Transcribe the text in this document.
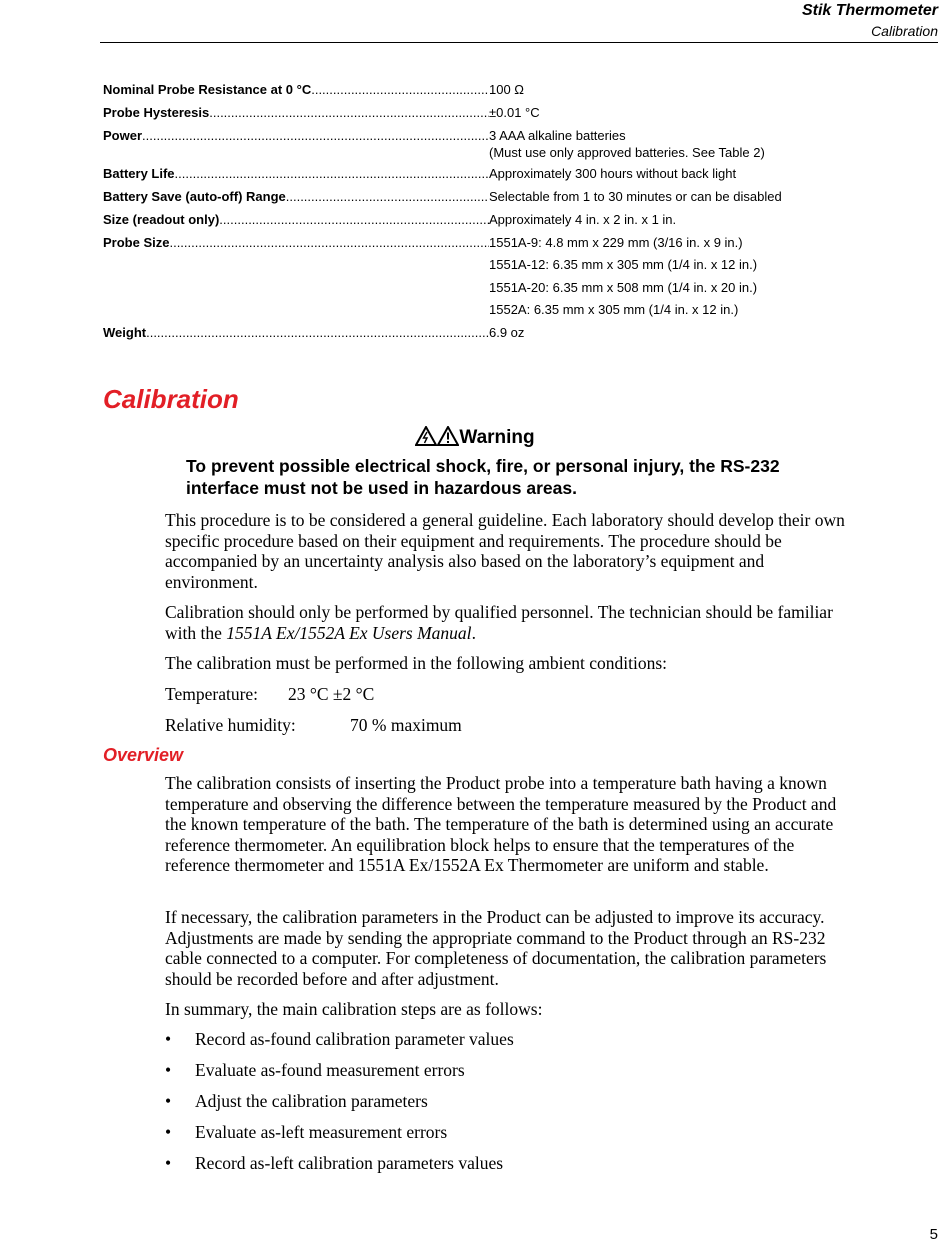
Stik Thermometer
Calibration
Nominal Probe Resistance at 0 °C .....	100 Ω
Probe Hysteresis .....	±0.01 °C
Power .....	3 AAA alkaline batteries
(Must use only approved batteries. See Table 2)
Battery Life .....	Approximately 300 hours without back light
Battery Save (auto-off) Range .....	Selectable from 1 to 30 minutes or can be disabled
Size (readout only) .....	Approximately 4 in. x 2 in. x 1 in.
Probe Size .....	1551A-9: 4.8 mm x 229 mm (3/16 in. x 9 in.)
1551A-12: 6.35 mm x 305 mm (1/4 in. x 12 in.)
1551A-20: 6.35 mm x 508 mm (1/4 in. x 20 in.)
1552A: 6.35 mm x 305 mm (1/4 in. x 12 in.)
Weight .....	6.9 oz
Calibration
Warning
To prevent possible electrical shock, fire, or personal injury, the RS-232 interface must not be used in hazardous areas.
This procedure is to be considered a general guideline. Each laboratory should develop their own specific procedure based on their equipment and requirements. The procedure should be accompanied by an uncertainty analysis also based on the laboratory’s equipment and environment.
Calibration should only be performed by qualified personnel. The technician should be familiar with the 1551A Ex/1552A Ex Users Manual.
The calibration must be performed in the following ambient conditions:
Temperature: 23 °C ±2 °C
Relative humidity:	70 % maximum
Overview
The calibration consists of inserting the Product probe into a temperature bath having a known temperature and observing the difference between the temperature measured by the Product and the known temperature of the bath. The temperature of the bath is determined using an accurate reference thermometer. An equilibration block helps to ensure that the temperatures of the reference thermometer and 1551A Ex/1552A Ex Thermometer are uniform and stable.
If necessary, the calibration parameters in the Product can be adjusted to improve its accuracy. Adjustments are made by sending the appropriate command to the Product through an RS-232 cable connected to a computer. For completeness of documentation, the calibration parameters should be recorded before and after adjustment.
In summary, the main calibration steps are as follows:
•	Record as-found calibration parameter values
•	Evaluate as-found measurement errors
•	Adjust the calibration parameters
•	Evaluate as-left measurement errors
•	Record as-left calibration parameters values
5
